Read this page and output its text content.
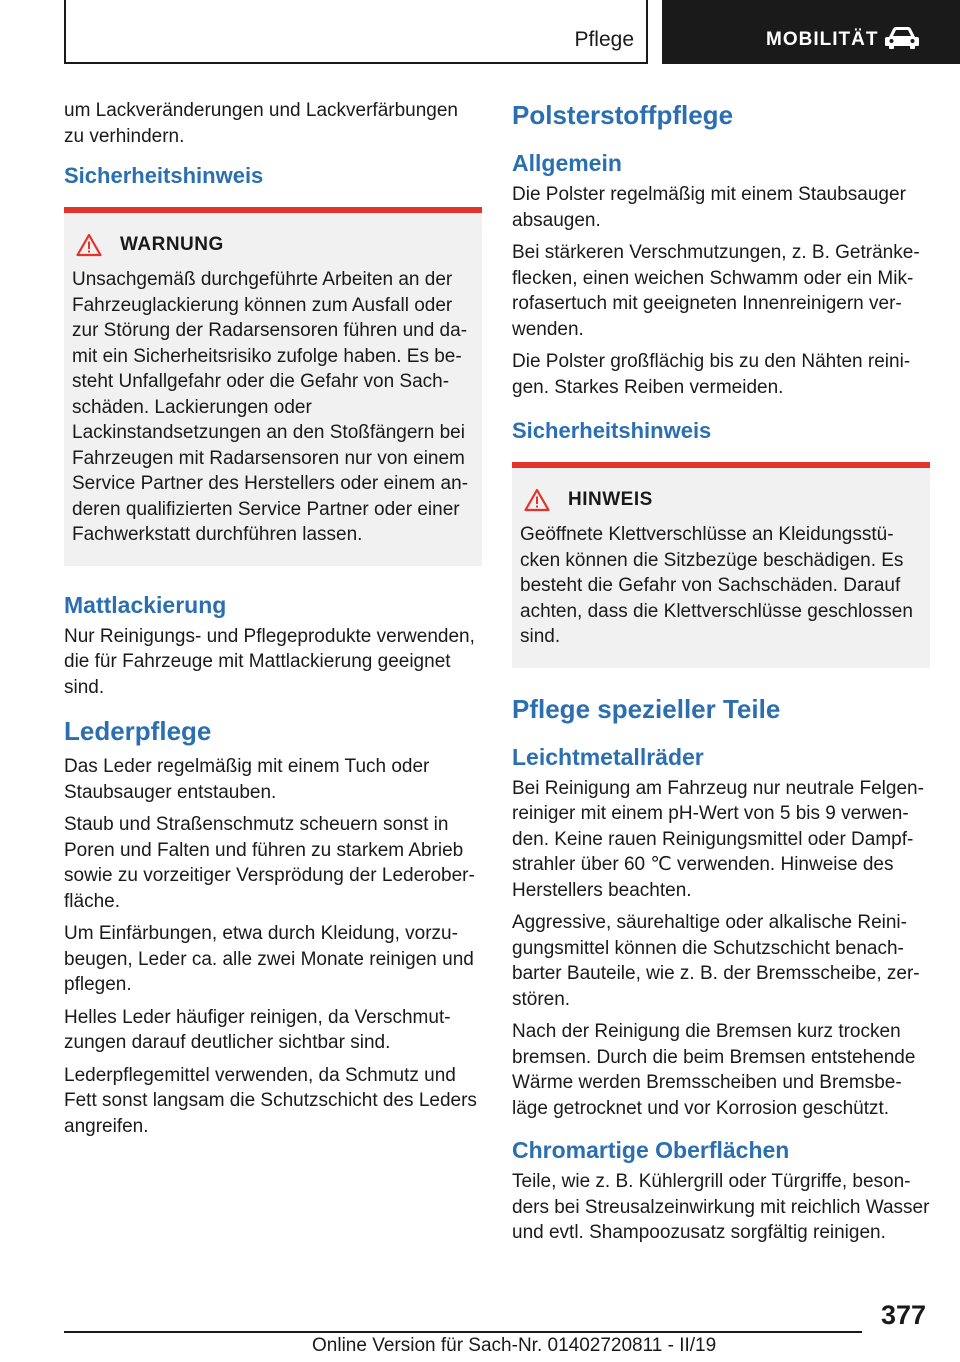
Pflege	MOBILITÄT

um Lackveränderungen und Lackverfärbungen zu verhindern.

Sicherheitshinweis
WARNUNG

Unsachgemäß durchgeführte Arbeiten an der Fahrzeuglackierung können zum Ausfall oder zur Störung der Radarsensoren führen und damit ein Sicherheitsrisiko zufolge haben. Es besteht Unfallgefahr oder die Gefahr von Sachschäden. Lackierungen oder Lackinstandsetzungen an den Stoßfängern bei Fahrzeugen mit Radarsensoren nur von einem Service Partner des Herstellers oder einem anderen qualifizierten Service Partner oder einer Fachwerkstatt durchführen lassen.

Mattlackierung

Nur Reinigungs- und Pflegeprodukte verwenden, die für Fahrzeuge mit Mattlackierung geeignet sind.

Lederpflege

Das Leder regelmäßig mit einem Tuch oder Staubsauger entstauben.

Staub und Straßenschmutz scheuern sonst in Poren und Falten und führen zu starkem Abrieb sowie zu vorzeitiger Versprödung der Lederoberfläche.

Um Einfärbungen, etwa durch Kleidung, vorzubeugen, Leder ca. alle zwei Monate reinigen und pflegen.

Helles Leder häufiger reinigen, da Verschmutzungen darauf deutlicher sichtbar sind.

Lederpflegemittel verwenden, da Schmutz und Fett sonst langsam die Schutzschicht des Leders angreifen.

Polsterstoffpflege
Allgemein

Die Polster regelmäßig mit einem Staubsauger absaugen.

Bei stärkeren Verschmutzungen, z. B. Getränkeflecken, einen weichen Schwamm oder ein Mikrofasertuch mit geeigneten Innenreinigern verwenden.

Die Polster großflächig bis zu den Nähten reinigen. Starkes Reiben vermeiden.

Sicherheitshinweis
HINWEIS

Geöffnete Klettverschlüsse an Kleidungsstücken können die Sitzbezüge beschädigen. Es besteht die Gefahr von Sachschäden. Darauf achten, dass die Klettverschlüsse geschlossen sind.

Pflege spezieller Teile
Leichtmetallräder

Bei Reinigung am Fahrzeug nur neutrale Felgenreiniger mit einem pH-Wert von 5 bis 9 verwenden. Keine rauen Reinigungsmittel oder Dampfstrahler über 60 ℃ verwenden. Hinweise des Herstellers beachten.

Aggressive, säurehaltige oder alkalische Reinigungsmittel können die Schutzschicht benachbarter Bauteile, wie z. B. der Bremsscheibe, zerstören.

Nach der Reinigung die Bremsen kurz trocken bremsen. Durch die beim Bremsen entstehende Wärme werden Bremsscheiben und Bremsbeläge getrocknet und vor Korrosion geschützt.

Chromartige Oberflächen

Teile, wie z. B. Kühlergrill oder Türgriffe, besonders bei Streusalzeinwirkung mit reichlich Wasser und evtl. Shampoozusatz sorgfältig reinigen.

377
Online Version für Sach-Nr. 01402720811 - II/19
